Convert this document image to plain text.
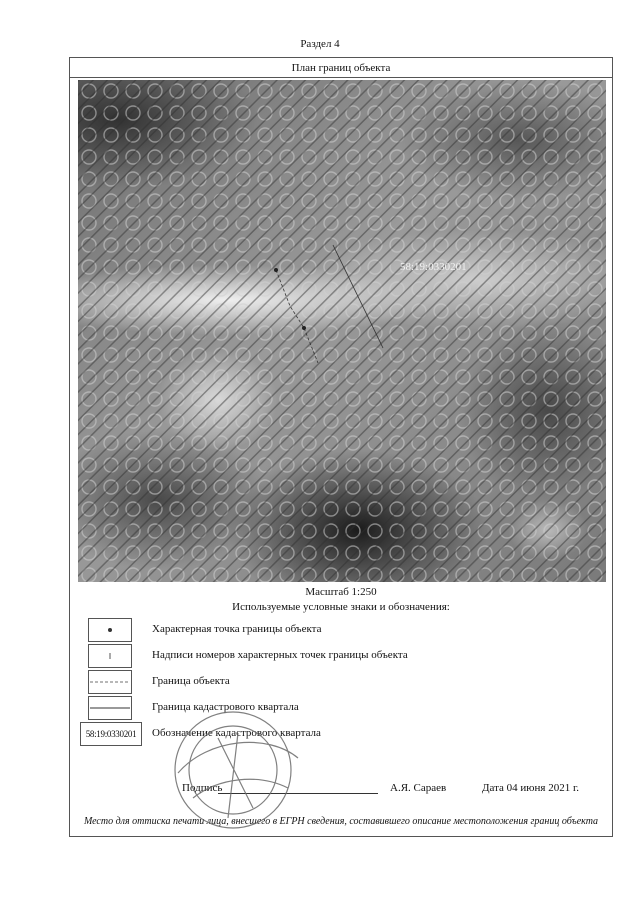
Раздел 4
План границ объекта
58:19:0330201
Масштаб 1:250
Используемые условные знаки и обозначения:
Характерная точка границы объекта
Надписи номеров характерных точек границы объекта
Граница объекта
Граница кадастрового квартала
58:19:0330201 Обозначение кадастрового квартала
Подпись	А.Я. Сараев	Дата 04 июня 2021 г.
Место для оттиска печати лица, внесшего в ЕГРН сведения, составившего описание местоположения границ объекта
